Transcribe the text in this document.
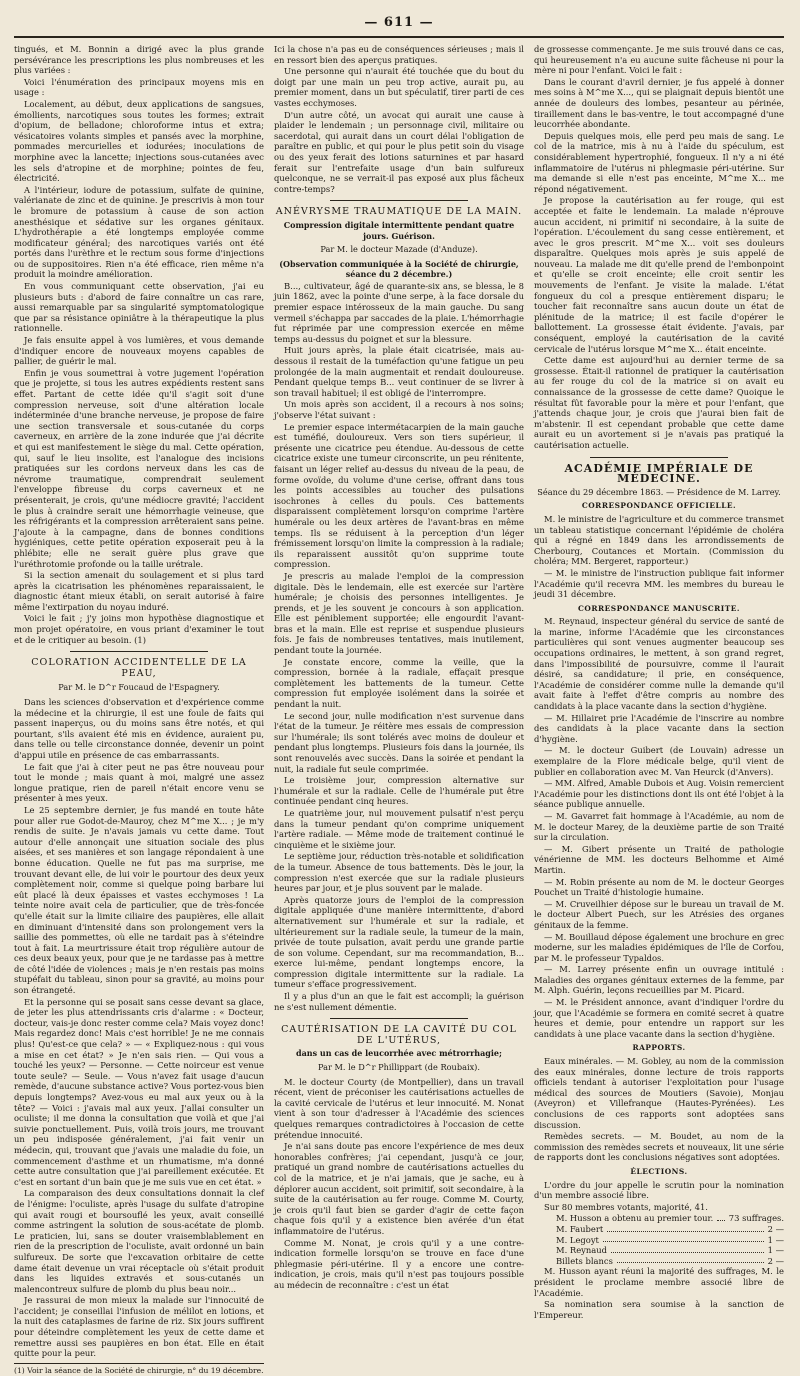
— 611 —

tingués, et M. Bonnin a dirigé avec la plus grande persévérance les prescriptions les plus nombreuses et les plus variées :

Voici l'énumération des principaux moyens mis en usage :

Localement, au début, deux applications de sangsues, émollients, narcotiques sous toutes les formes; extrait d'opium, de belladone; chloroforme intus et extra; vésicatoires volants simples et pansés avec la morphine, pommades mercurielles et iodurées; inoculations de morphine avec la lancette; injections sous-cutanées avec les sels d'atropine et de morphine; pointes de feu, électricité.

A l'intérieur, iodure de potassium, sulfate de quinine, valérianate de zinc et de quinine. Je prescrivis à mon tour le bromure de potassium à cause de son action anesthésique et sédative sur les organes génitaux. L'hydrothérapie a été longtemps employée comme modificateur général; des narcotiques variés ont été portés dans l'urèthre et le rectum sous forme d'injections ou de suppositoires. Rien n'a été efficace, rien même n'a produit la moindre amélioration.

En vous communiquant cette observation, j'ai eu plusieurs buts : d'abord de faire connaître un cas rare, aussi remarquable par sa singularité symptomatologique que par sa résistance opiniâtre à la thérapeutique la plus rationnelle.

Je fais ensuite appel à vos lumières, et vous demande d'indiquer encore de nouveaux moyens capables de pallier, de guérir le mal.

Enfin je vous soumettrai à votre jugement l'opération que je projette, si tous les autres expédients restent sans effet. Partant de cette idée qu'il s'agit soit d'une compression nerveuse, soit d'une altération locale indéterminée d'une branche nerveuse, je propose de faire une section transversale et sous-cutanée du corps caverneux, en arrière de la zone indurée que j'ai décrite et qui est manifestement le siège du mal. Cette opération, qui, sauf le lieu insolite, est l'analogue des incisions pratiquées sur les cordons nerveux dans les cas de névrome traumatique, comprendrait seulement l'enveloppe fibreuse du corps caverneux et ne présenterait, je crois, qu'une médiocre gravité; l'accident le plus à craindre serait une hémorrhagie veineuse, que les réfrigérants et la compression arrêteraient sans peine. J'ajoute à la campagne, dans de bonnes conditions hygiéniques, cette petite opération exposerait peu à la phlébite; elle ne serait guère plus grave que l'uréthrotomie profonde ou la taille urétrale.

Si la section amenait du soulagement et si plus tard après la cicatrisation les phénomènes reparaissaient, le diagnostic étant mieux établi, on serait autorisé à faire même l'extirpation du noyau induré.

Voici le fait ; j'y joins mon hypothèse diagnostique et mon projet opératoire, en vous priant d'examiner le tout et de le critiquer au besoin. (1)

COLORATION ACCIDENTELLE DE LA PEAU,
Par M. le D^r Foucaud de l'Espagnery.

Dans les sciences d'observation et d'expérience comme la médecine et la chirurgie, il est une foule de faits qui passent inaperçus, ou du moins sans être notés, et qui pourtant, s'ils avaient été mis en évidence, auraient pu, dans telle ou telle circonstance donnée, devenir un point d'appui utile en présence de cas embarrassants.

Le fait que j'ai à citer peut ne pas être nouveau pour tout le monde ; mais quant à moi, malgré une assez longue pratique, rien de pareil n'était encore venu se présenter à mes yeux.

Le 25 septembre dernier, je fus mandé en toute hâte pour aller rue Godot-de-Mauroy, chez M^me X... ; je m'y rendis de suite. Je n'avais jamais vu cette dame. Tout autour d'elle annonçait une situation sociale des plus aisées, et ses manières et son langage répondaient à une bonne éducation. Quelle ne fut pas ma surprise, me trouvant devant elle, de lui voir le pourtour des deux yeux complètement noir, comme si quelque poing barbare lui eût placé là deux épaisses et vastes ecchymoses ! La teinte noire avait cela de particulier, que de très-foncée qu'elle était sur la limite ciliaire des paupières, elle allait en diminuant d'intensité dans son prolongement vers la saillie des pommettes, où elle ne tardait pas à s'éteindre tout à fait. La meurtrissure était trop régulière autour de ces deux beaux yeux, pour que je ne tardasse pas à mettre de côté l'idée de violences ; mais je n'en restais pas moins stupéfait du tableau, sinon pour sa gravité, au moins pour son étrangeté.

Et la personne qui se posait sans cesse devant sa glace, de jeter les plus attendrissants cris d'alarme : « Docteur, docteur, vais-je donc rester comme cela? Mais voyez donc! Mais regardez donc! Mais c'est horrible! Je ne me connais plus! Qu'est-ce que cela? » — « Expliquez-nous : qui vous a mise en cet état? » Je n'en sais rien. — Qui vous a touché les yeux? — Personne. — Cette noirceur est venue toute seule? — Seule. — Vous n'avez fait usage d'aucun remède, d'aucune substance active? Vous portez-vous bien depuis longtemps? Avez-vous eu mal aux yeux ou à la tête? — Voici : j'avais mal aux yeux. J'allai consulter un oculiste; il me donna la consultation que voilà et que j'ai suivie ponctuellement. Puis, voilà trois jours, me trouvant un peu indisposée généralement, j'ai fait venir un médecin, qui, trouvant que j'avais une maladie du foie, un commencement d'asthme et un rhumatisme, m'a donné cette autre consultation que j'ai pareillement exécutée. Et c'est en sortant d'un bain que je me suis vue en cet état. »

La comparaison des deux consultations donnait la clef de l'énigme: l'oculiste, après l'usage du sulfate d'atropine qui avait rougi et boursouflé les yeux, avait conseillé comme astringent la solution de sous-acétate de plomb. Le praticien, lui, sans se douter vraisemblablement en rien de la prescription de l'oculiste, avait ordonné un bain sulfureux. De sorte que l'excavation orbitaire de cette dame était devenue un vrai réceptacle où s'était produit dans les liquides extravés et sous-cutanés un malencontreux sulfure de plomb du plus beau noir...

Je rassurai de mon mieux la malade sur l'innocuité de l'accident; je conseillai l'infusion de mélilot en lotions, et la nuit des cataplasmes de farine de riz. Six jours suffirent pour déteindre complètement les yeux de cette dame et remettre aussi ses paupières en bon état. Elle en était quitte pour la peur.

(1) Voir la séance de la Société de chirurgie, n° du 19 décembre.

Ici la chose n'a pas eu de conséquences sérieuses ; mais il en ressort bien des aperçus pratiques.

Une personne qui n'aurait été touchée que du bout du doigt par une main un peu trop active, aurait pu, au premier moment, dans un but spéculatif, tirer parti de ces vastes ecchymoses.

D'un autre côté, un avocat qui aurait une cause à plaider le lendemain ; un personnage civil, militaire ou sacerdotal, qui aurait dans un court délai l'obligation de paraître en public, et qui pour le plus petit soin du visage ou des yeux ferait des lotions saturnines et par hasard ferait sur l'entrefaite usage d'un bain sulfureux quelconque, ne se verrait-il pas exposé aux plus fâcheux contre-temps?

ANÉVRYSME TRAUMATIQUE DE LA MAIN.
Compression digitale intermittente pendant quatre jours. Guérison.
Par M. le docteur Mazade (d'Anduze).
(Observation communiquée à la Société de chirurgie, séance du 2 décembre.)

B..., cultivateur, âgé de quarante-six ans, se blessa, le 8 juin 1862, avec la pointe d'une serpe, à la face dorsale du premier espace intérosseux de la main gauche. Du sang vermeil s'échappa par saccades de la plaie. L'hémorrhagie fut réprimée par une compression exercée en même temps au-dessus du poignet et sur la blessure.

Huit jours après, la plaie était cicatrisée, mais au-dessous il restait de la tuméfaction qu'une fatigue un peu prolongée de la main augmentait et rendait douloureuse. Pendant quelque temps B... veut continuer de se livrer à son travail habituel; il est obligé de l'interrompre.

Un mois après son accident, il a recours à nos soins; j'observe l'état suivant :

Le premier espace intermétacarpien de la main gauche est tuméfié, douloureux. Vers son tiers supérieur, il présente une cicatrice peu étendue. Au-dessous de cette cicatrice existe une tumeur circonscrite, un peu rénitente, faisant un léger relief au-dessus du niveau de la peau, de forme ovoïde, du volume d'une cerise, offrant dans tous les points accessibles au toucher des pulsations isochrones à celles du pouls. Ces battements disparaissent complètement lorsqu'on comprime l'artère humérale ou les deux artères de l'avant-bras en même temps. Ils se réduisent à la perception d'un léger frémissement lorsqu'on limite la compression à la radiale; ils reparaissent aussitôt qu'on supprime toute compression.

Je prescris au malade l'emploi de la compression digitale. Dès le lendemain, elle est exercée sur l'artère humérale; je choisis des personnes intelligentes. Je prends, et je les souvent je concours à son application. Elle est péniblement supportée; elle engourdit l'avant-bras et la main. Elle est reprise et suspendue plusieurs fois. Je fais de nombreuses tentatives, mais inutilement, pendant toute la journée.

Je constate encore, comme la veille, que la compression, bornée à la radiale, effaçait presque complètement les battements de la tumeur. Cette compression fut employée isolément dans la soirée et pendant la nuit.

Le second jour, nulle modification n'est survenue dans l'état de la tumeur. Je réitère mes essais de compression sur l'humérale; ils sont tolérés avec moins de douleur et pendant plus longtemps. Plusieurs fois dans la journée, ils sont renouvelés avec succès. Dans la soirée et pendant la nuit, la radiale fut seule comprimée.

Le troisième jour, compression alternative sur l'humérale et sur la radiale. Celle de l'humérale put être continuée pendant cinq heures.

Le quatrième jour, nul mouvement pulsatif n'est perçu dans la tumeur pendant qu'on comprime uniquement l'artère radiale. — Même mode de traitement continué le cinquième et le sixième jour.

Le septième jour, réduction très-notable et solidification de la tumeur. Absence de tous battements. Dès le jour, la compression n'est exercée que sur la radiale plusieurs heures par jour, et je plus souvent par le malade.

Après quatorze jours de l'emploi de la compression digitale appliquée d'une manière intermittente, d'abord alternativement sur l'humérale et sur la radiale, et ultérieurement sur la radiale seule, la tumeur de la main, privée de toute pulsation, avait perdu une grande partie de son volume. Cependant, sur ma recommandation, B... exerce lui-même, pendant longtemps encore, la compression digitale intermittente sur la radiale. La tumeur s'efface progressivement.

Il y a plus d'un an que le fait est accompli; la guérison ne s'est nullement démentie.

CAUTÉRISATION DE LA CAVITÉ DU COL DE L'UTÉRUS,
dans un cas de leucorrhée avec métrorrhagie;
Par M. le D^r Phillippart (de Roubaix).

M. le docteur Courty (de Montpellier), dans un travail récent, vient de préconiser les cautérisations actuelles de la cavité cervicale de l'utérus et leur innocuité. M. Nonat vient à son tour d'adresser à l'Académie des sciences quelques remarques contradictoires à l'occasion de cette prétendue innocuité.

Je n'ai sans doute pas encore l'expérience de mes deux honorables confrères; j'ai cependant, jusqu'à ce jour, pratiqué un grand nombre de cautérisations actuelles du col de la matrice, et je n'ai jamais, que je sache, eu à déplorer aucun accident, soit primitif, soit secondaire, à la suite de la cautérisation au fer rouge. Comme M. Courty, je crois qu'il faut bien se garder d'agir de cette façon chaque fois qu'il y a existence bien avérée d'un état inflammatoire de l'utérus.

Comme M. Nonat, je crois qu'il y a une contre-indication formelle lorsqu'on se trouve en face d'une phlegmasie péri-utérine. Il y a encore une contre-indication, je crois, mais qu'il n'est pas toujours possible au médecin de reconnaître : c'est un état

de grossesse commençante. Je me suis trouvé dans ce cas, qui heureusement n'a eu aucune suite fâcheuse ni pour la mère ni pour l'enfant. Voici le fait :

Dans le courant d'avril dernier, je fus appelé à donner mes soins à M^me X..., qui se plaignait depuis bientôt une année de douleurs des lombes, pesanteur au périnée, tiraillement dans le bas-ventre, le tout accompagné d'une leucorrhée abondante.

Depuis quelques mois, elle perd peu mais de sang. Le col de la matrice, mis à nu à l'aide du spéculum, est considérablement hypertrophié, fongueux. Il n'y a ni été inflammatoire de l'utérus ni phlegmasie péri-utérine. Sur ma demande si elle n'est pas enceinte, M^me X... me répond négativement.

Je propose la cautérisation au fer rouge, qui est acceptée et faite le lendemain. La malade n'éprouve aucun accident, ni primitif ni secondaire, à la suite de l'opération. L'écoulement du sang cesse entièrement, et avec le gros prescrit. M^me X... voit ses douleurs disparaître. Quelques mois après je suis appelé de nouveau. La malade me dit qu'elle prend de l'embonpoint et qu'elle se croit enceinte; elle croit sentir les mouvements de l'enfant. Je visite la malade. L'état fongueux du col a presque entièrement disparu; le toucher fait reconnaître sans aucun doute un état de plénitude de la matrice; il est facile d'opérer le ballottement. La grossesse était évidente. J'avais, par conséquent, employé la cautérisation de la cavité cervicale de l'utérus lorsque M^me X... était enceinte.

Cette dame est aujourd'hui au dernier terme de sa grossesse. Était-il rationnel de pratiquer la cautérisation au fer rouge du col de la matrice si on avait eu connaissance de la grossesse de cette dame? Quoique le résultat fût favorable pour la mère et pour l'enfant, que j'attends chaque jour, je crois que j'aurai bien fait de m'abstenir. Il est cependant probable que cette dame aurait eu un avortement si je n'avais pas pratiqué la cautérisation actuelle.

ACADÉMIE IMPÉRIALE DE MÉDECINE.
Séance du 29 décembre 1863. — Présidence de M. Larrey.
CORRESPONDANCE OFFICIELLE.

M. le ministre de l'agriculture et du commerce transmet un tableau statistique concernant l'épidémie de choléra qui a régné en 1849 dans les arrondissements de Cherbourg, Coutances et Mortain. (Commission du choléra; MM. Bergeret, rapporteur.)

— M. le ministre de l'instruction publique fait informer l'Académie qu'il recevra MM. les membres du bureau le jeudi 31 décembre.

CORRESPONDANCE MANUSCRITE.

M. Reynaud, inspecteur général du service de santé de la marine, informe l'Académie que les circonstances particulières qui sont venues augmenter beaucoup ses occupations ordinaires, le mettent, à son grand regret, dans l'impossibilité de poursuivre, comme il l'aurait désiré, sa candidature; il prie, en conséquence, l'Académie de considérer comme nulle la demande qu'il avait faite à l'effet d'être compris au nombre des candidats à la place vacante dans la section d'hygiène.

— M. Hillairet prie l'Académie de l'inscrire au nombre des candidats à la place vacante dans la section d'hygiène.

— M. le docteur Guibert (de Louvain) adresse un exemplaire de la Flore médicale belge, qu'il vient de publier en collaboration avec M. Van Heurck (d'Anvers).

— MM. Alfred, Amable Dubois et Aug. Voisin remercient l'Académie pour les distinctions dont ils ont été l'objet à la séance publique annuelle.

— M. Gavarret fait hommage à l'Académie, au nom de M. le docteur Marey, de la deuxième partie de son Traité sur la circulation.

— M. Gibert présente un Traité de pathologie vénérienne de MM. les docteurs Belhomme et Aimé Martin.

— M. Robin présente au nom de M. le docteur Georges Pouchet un Traité d'histologie humaine.

— M. Cruveilhier dépose sur le bureau un travail de M. le docteur Albert Puech, sur les Atrésies des organes génitaux de la femme.

— M. Bouillaud dépose également une brochure en grec moderne, sur les maladies épidémiques de l'île de Corfou, par M. le professeur Typaldos.

— M. Larrey présente enfin un ouvrage intitulé : Maladies des organes génitaux externes de la femme, par M. Alph. Guérin, leçons recueillies par M. Picard.

— M. le Président annonce, avant d'indiquer l'ordre du jour, que l'Académie se formera en comité secret à quatre heures et demie, pour entendre un rapport sur les candidats à une place vacante dans la section d'hygiène.

RAPPORTS.

Eaux minérales. — M. Gobley, au nom de la commission des eaux minérales, donne lecture de trois rapports officiels tendant à autoriser l'exploitation pour l'usage médical des sources de Moutiers (Savoie), Monjau (Aveyron) et Villefranque (Hautes-Pyrénées). Les conclusions de ces rapports sont adoptées sans discussion.

Remèdes secrets. — M. Boudet, au nom de la commission des remèdes secrets et nouveaux, lit une série de rapports dont les conclusions négatives sont adoptées.

ÉLECTIONS.

L'ordre du jour appelle le scrutin pour la nomination d'un membre associé libre.

Sur 80 membres votants, majorité, 41.

M. Husson a obtenu au premier tour. 73 suffrages.
M. Faubert	2 —
M. Legoyt	1 —
M. Reynaud	1 —
Billets blancs	2 —

M. Husson ayant réuni la majorité des suffrages, M. le président le proclame membre associé libre de l'Académie.

Sa nomination sera soumise à la sanction de l'Empereur.
